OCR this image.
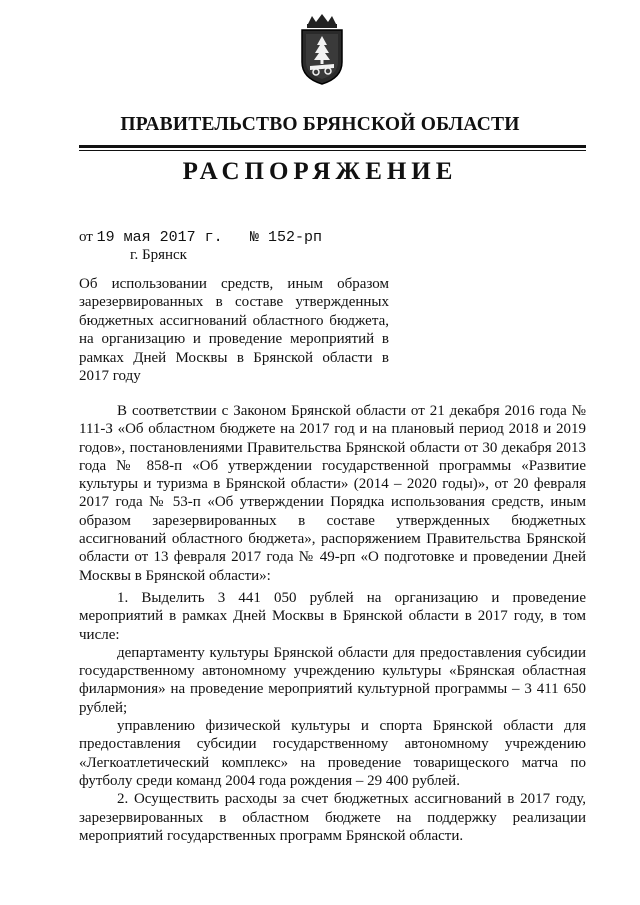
ПРАВИТЕЛЬСТВО БРЯНСКОЙ ОБЛАСТИ
РАСПОРЯЖЕНИЕ
от 19 мая 2017 г. № 152-рп
г. Брянск
Об использовании средств, иным образом зарезервированных в составе утвержденных бюджетных ассигнований областного бюджета, на организацию и проведение мероприятий в рамках Дней Москвы в Брянской области в 2017 году

В соответствии с Законом Брянской области от 21 декабря 2016 года № 111-З «Об областном бюджете на 2017 год и на плановый период 2018 и 2019 годов», постановлениями Правительства Брянской области от 30 декабря 2013 года № 858-п «Об утверждении государственной программы «Развитие культуры и туризма в Брянской области» (2014 – 2020 годы)», от 20 февраля 2017 года № 53-п «Об утверждении Порядка использования средств, иным образом зарезервированных в составе утвержденных бюджетных ассигнований областного бюджета», распоряжением Правительства Брянской области от 13 февраля 2017 года № 49-рп «О подготовке и проведении Дней Москвы в Брянской области»:

1. Выделить 3 441 050 рублей на организацию и проведение мероприятий в рамках Дней Москвы в Брянской области в 2017 году, в том числе:

департаменту культуры Брянской области для предоставления субсидии государственному автономному учреждению культуры «Брянская областная филармония» на проведение мероприятий культурной программы – 3 411 650 рублей;

управлению физической культуры и спорта Брянской области для предоставления субсидии государственному автономному учреждению «Легкоатлетический комплекс» на проведение товарищеского матча по футболу среди команд 2004 года рождения – 29 400 рублей.

2. Осуществить расходы за счет бюджетных ассигнований в 2017 году, зарезервированных в областном бюджете на поддержку реализации мероприятий государственных программ Брянской области.
